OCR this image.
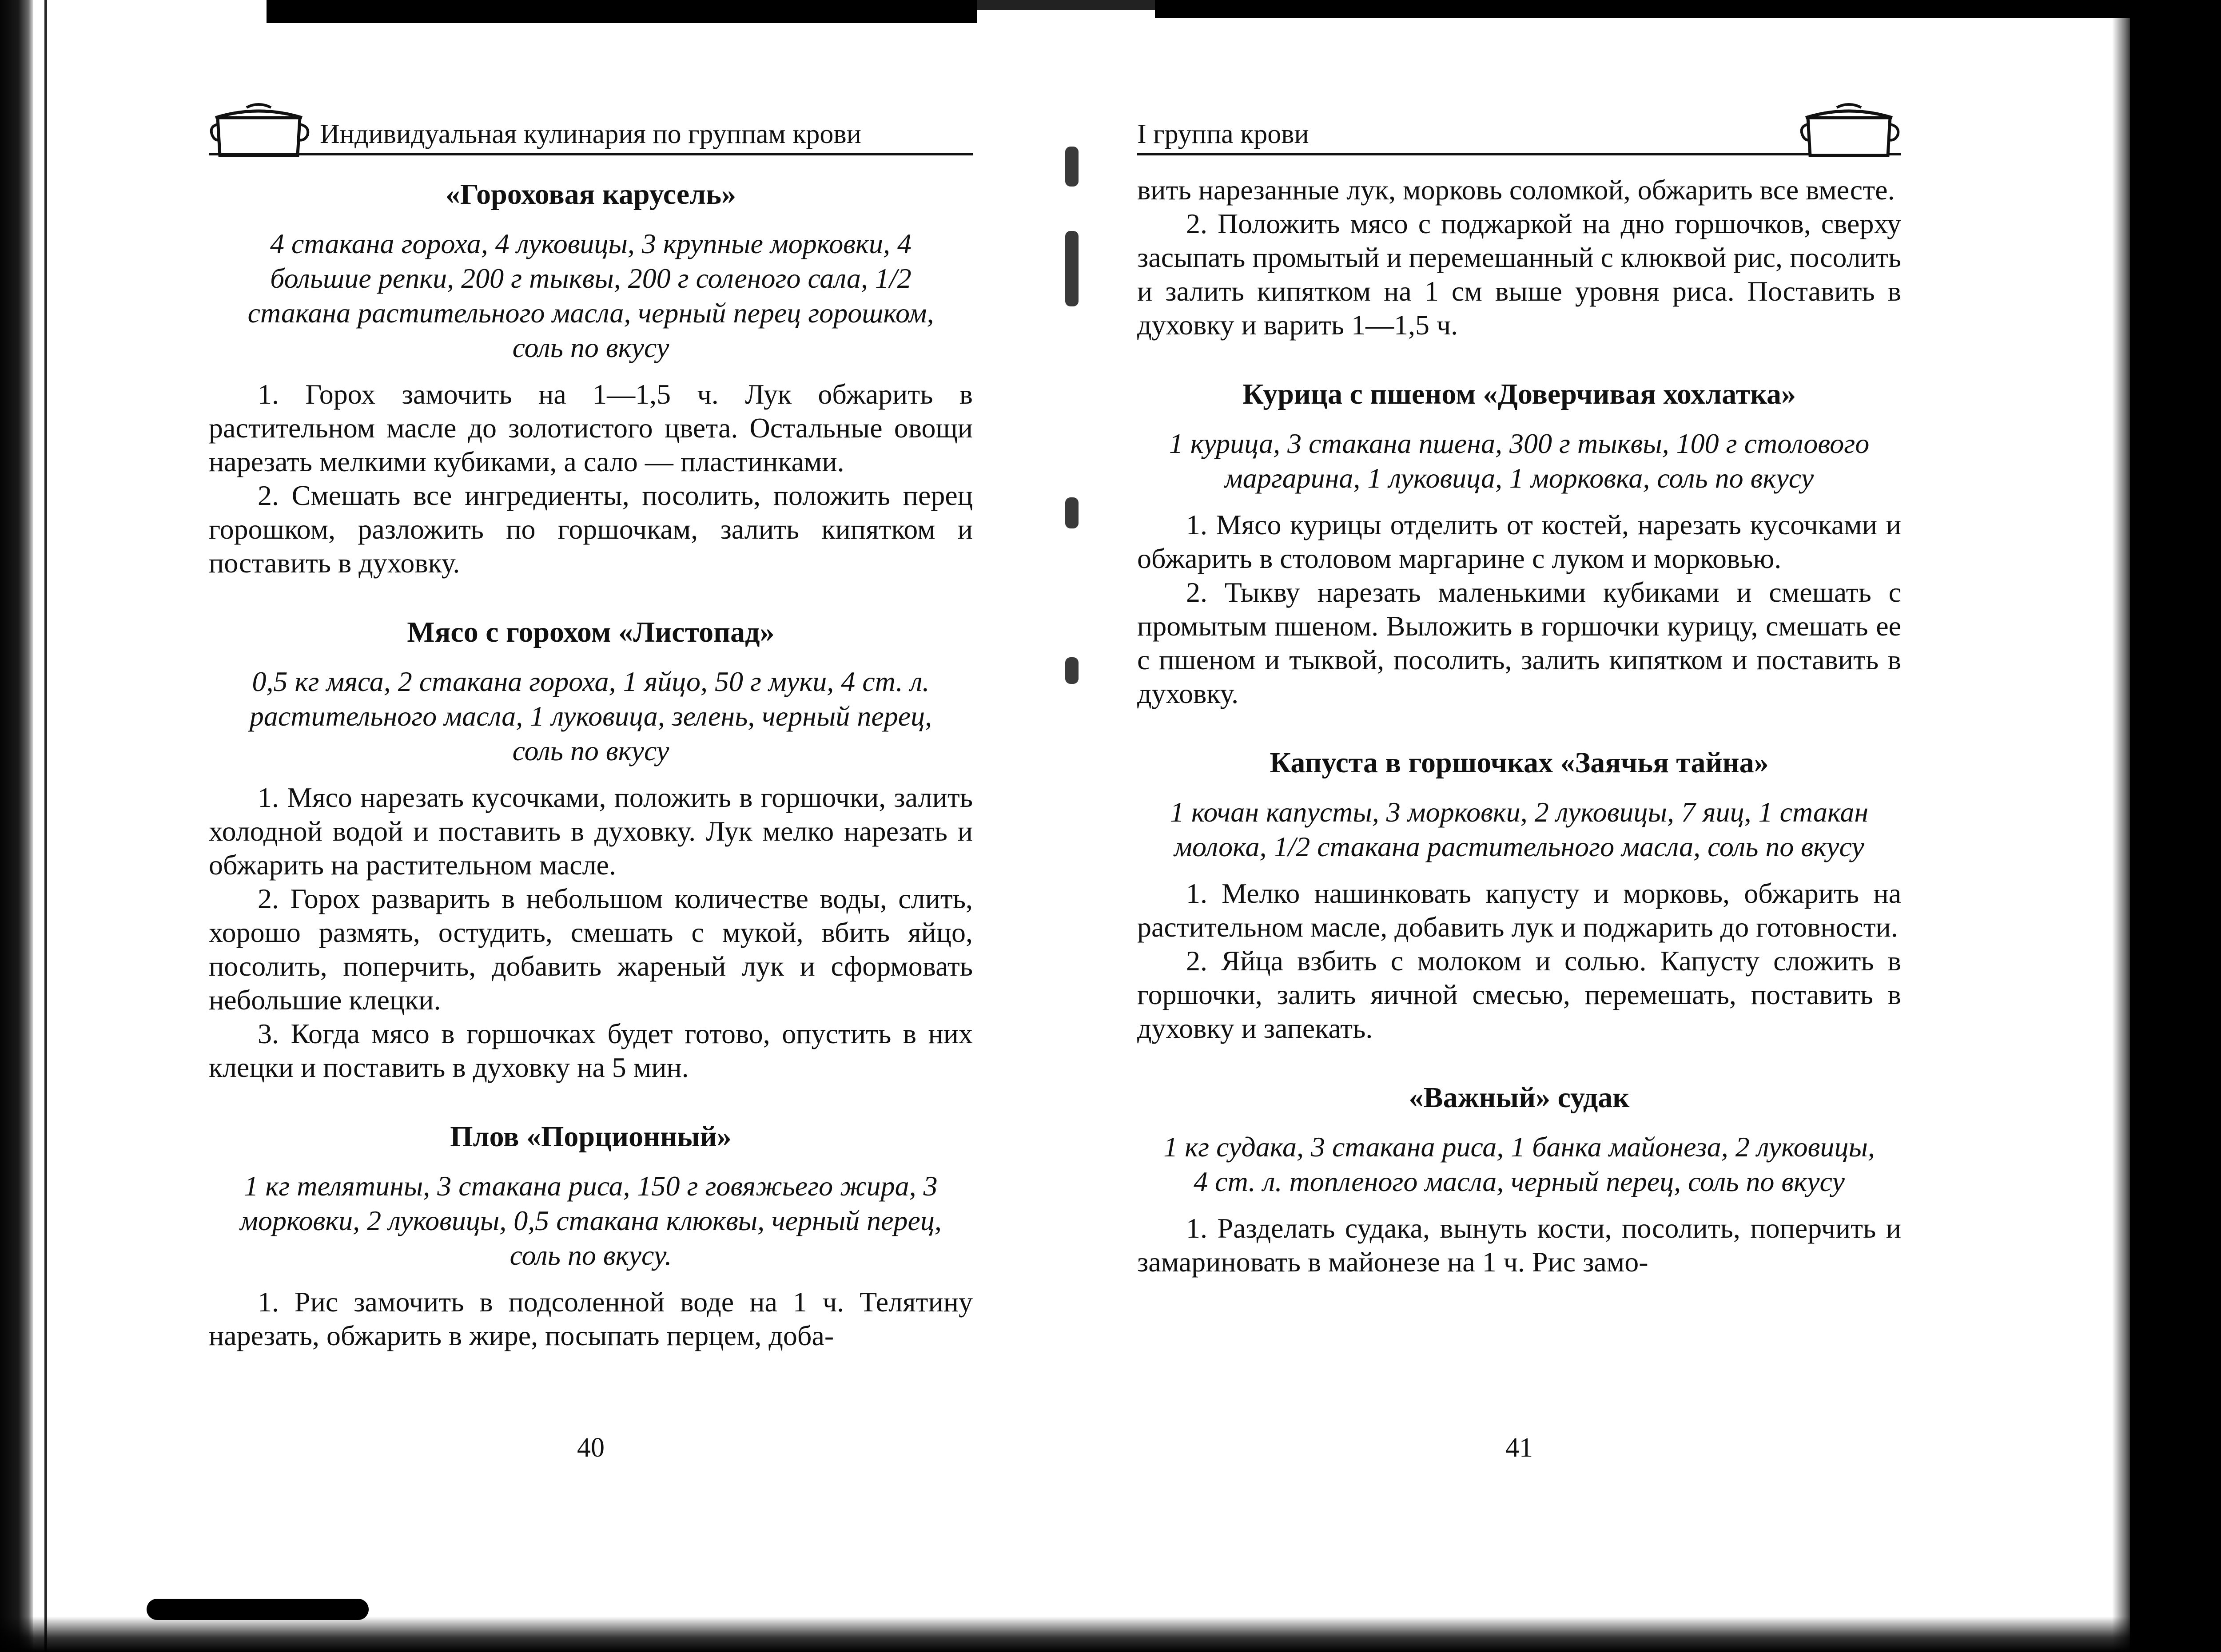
Индивидуальная кулинария по группам крови
«Гороховая карусель»

4 стакана гороха, 4 луковицы, 3 крупные морковки, 4 большие репки, 200 г тыквы, 200 г соленого сала, 1/2 стакана растительного масла, черный перец горошком, соль по вкусу

1. Горох замочить на 1—1,5 ч. Лук обжарить в растительном масле до золотистого цвета. Остальные овощи нарезать мелкими кубиками, а сало — пластинками.

2. Смешать все ингредиенты, посолить, положить перец горошком, разложить по горшочкам, залить кипятком и поставить в духовку.

Мясо с горохом «Листопад»

0,5 кг мяса, 2 стакана гороха, 1 яйцо, 50 г муки, 4 ст. л. растительного масла, 1 луковица, зелень, черный перец, соль по вкусу

1. Мясо нарезать кусочками, положить в горшочки, залить холодной водой и поставить в духовку. Лук мелко нарезать и обжарить на растительном масле.

2. Горох разварить в небольшом количестве воды, слить, хорошо размять, остудить, смешать с мукой, вбить яйцо, посолить, поперчить, добавить жареный лук и сформовать небольшие клецки.

3. Когда мясо в горшочках будет готово, опустить в них клецки и поставить в духовку на 5 мин.

Плов «Порционный»

1 кг телятины, 3 стакана риса, 150 г говяжьего жира, 3 морковки, 2 луковицы, 0,5 стакана клюквы, черный перец, соль по вкусу.

1. Рис замочить в подсоленной воде на 1 ч. Телятину нарезать, обжарить в жире, посыпать перцем, доба-

40
I группа крови

вить нарезанные лук, морковь соломкой, обжарить все вместе.

2. Положить мясо с поджаркой на дно горшочков, сверху засыпать промытый и перемешанный с клюквой рис, посолить и залить кипятком на 1 см выше уровня риса. Поставить в духовку и варить 1—1,5 ч.

Курица с пшеном «Доверчивая хохлатка»

1 курица, 3 стакана пшена, 300 г тыквы, 100 г столового маргарина, 1 луковица, 1 морковка, соль по вкусу

1. Мясо курицы отделить от костей, нарезать кусочками и обжарить в столовом маргарине с луком и морковью.

2. Тыкву нарезать маленькими кубиками и смешать с промытым пшеном. Выложить в горшочки курицу, смешать ее с пшеном и тыквой, посолить, залить кипятком и поставить в духовку.

Капуста в горшочках «Заячья тайна»

1 кочан капусты, 3 морковки, 2 луковицы, 7 яиц, 1 стакан молока, 1/2 стакана растительного масла, соль по вкусу

1. Мелко нашинковать капусту и морковь, обжарить на растительном масле, добавить лук и поджарить до готовности.

2. Яйца взбить с молоком и солью. Капусту сложить в горшочки, залить яичной смесью, перемешать, поставить в духовку и запекать.

«Важный» судак

1 кг судака, 3 стакана риса, 1 банка майонеза, 2 луковицы, 4 ст. л. топленого масла, черный перец, соль по вкусу

1. Разделать судака, вынуть кости, посолить, поперчить и замариновать в майонезе на 1 ч. Рис замо-

41
